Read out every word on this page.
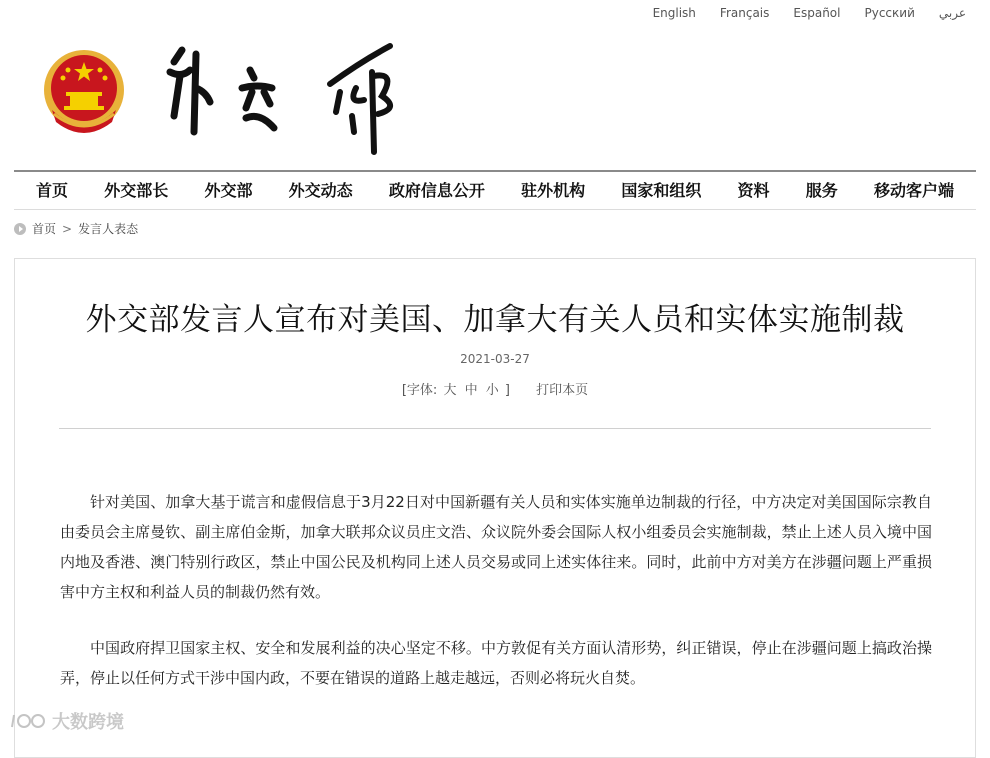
English Français Español Русский عربي
首页	外交部长	外交部	外交动态	政府信息公开	驻外机构	国家和组织	资料	服务	移动客户端
首页 > 发言人表态
外交部发言人宣布对美国、加拿大有关人员和实体实施制裁
2021-03-27
[字体: 大 中 小 ] 打印本页

针对美国、加拿大基于谎言和虚假信息于3月22日对中国新疆有关人员和实体实施单边制裁的行径，中方决定对美国国际宗教自由委员会主席曼钦、副主席伯金斯，加拿大联邦众议员庄文浩、众议院外委会国际人权小组委员会实施制裁，禁止上述人员入境中国内地及香港、澳门特别行政区，禁止中国公民及机构同上述人员交易或同上述实体往来。同时，此前中方对美方在涉疆问题上严重损害中方主权和利益人员的制裁仍然有效。

中国政府捍卫国家主权、安全和发展利益的决心坚定不移。中方敦促有关方面认清形势，纠正错误，停止在涉疆问题上搞政治操弄，停止以任何方式干涉中国内政，不要在错误的道路上越走越远，否则必将玩火自焚。

大数跨境
